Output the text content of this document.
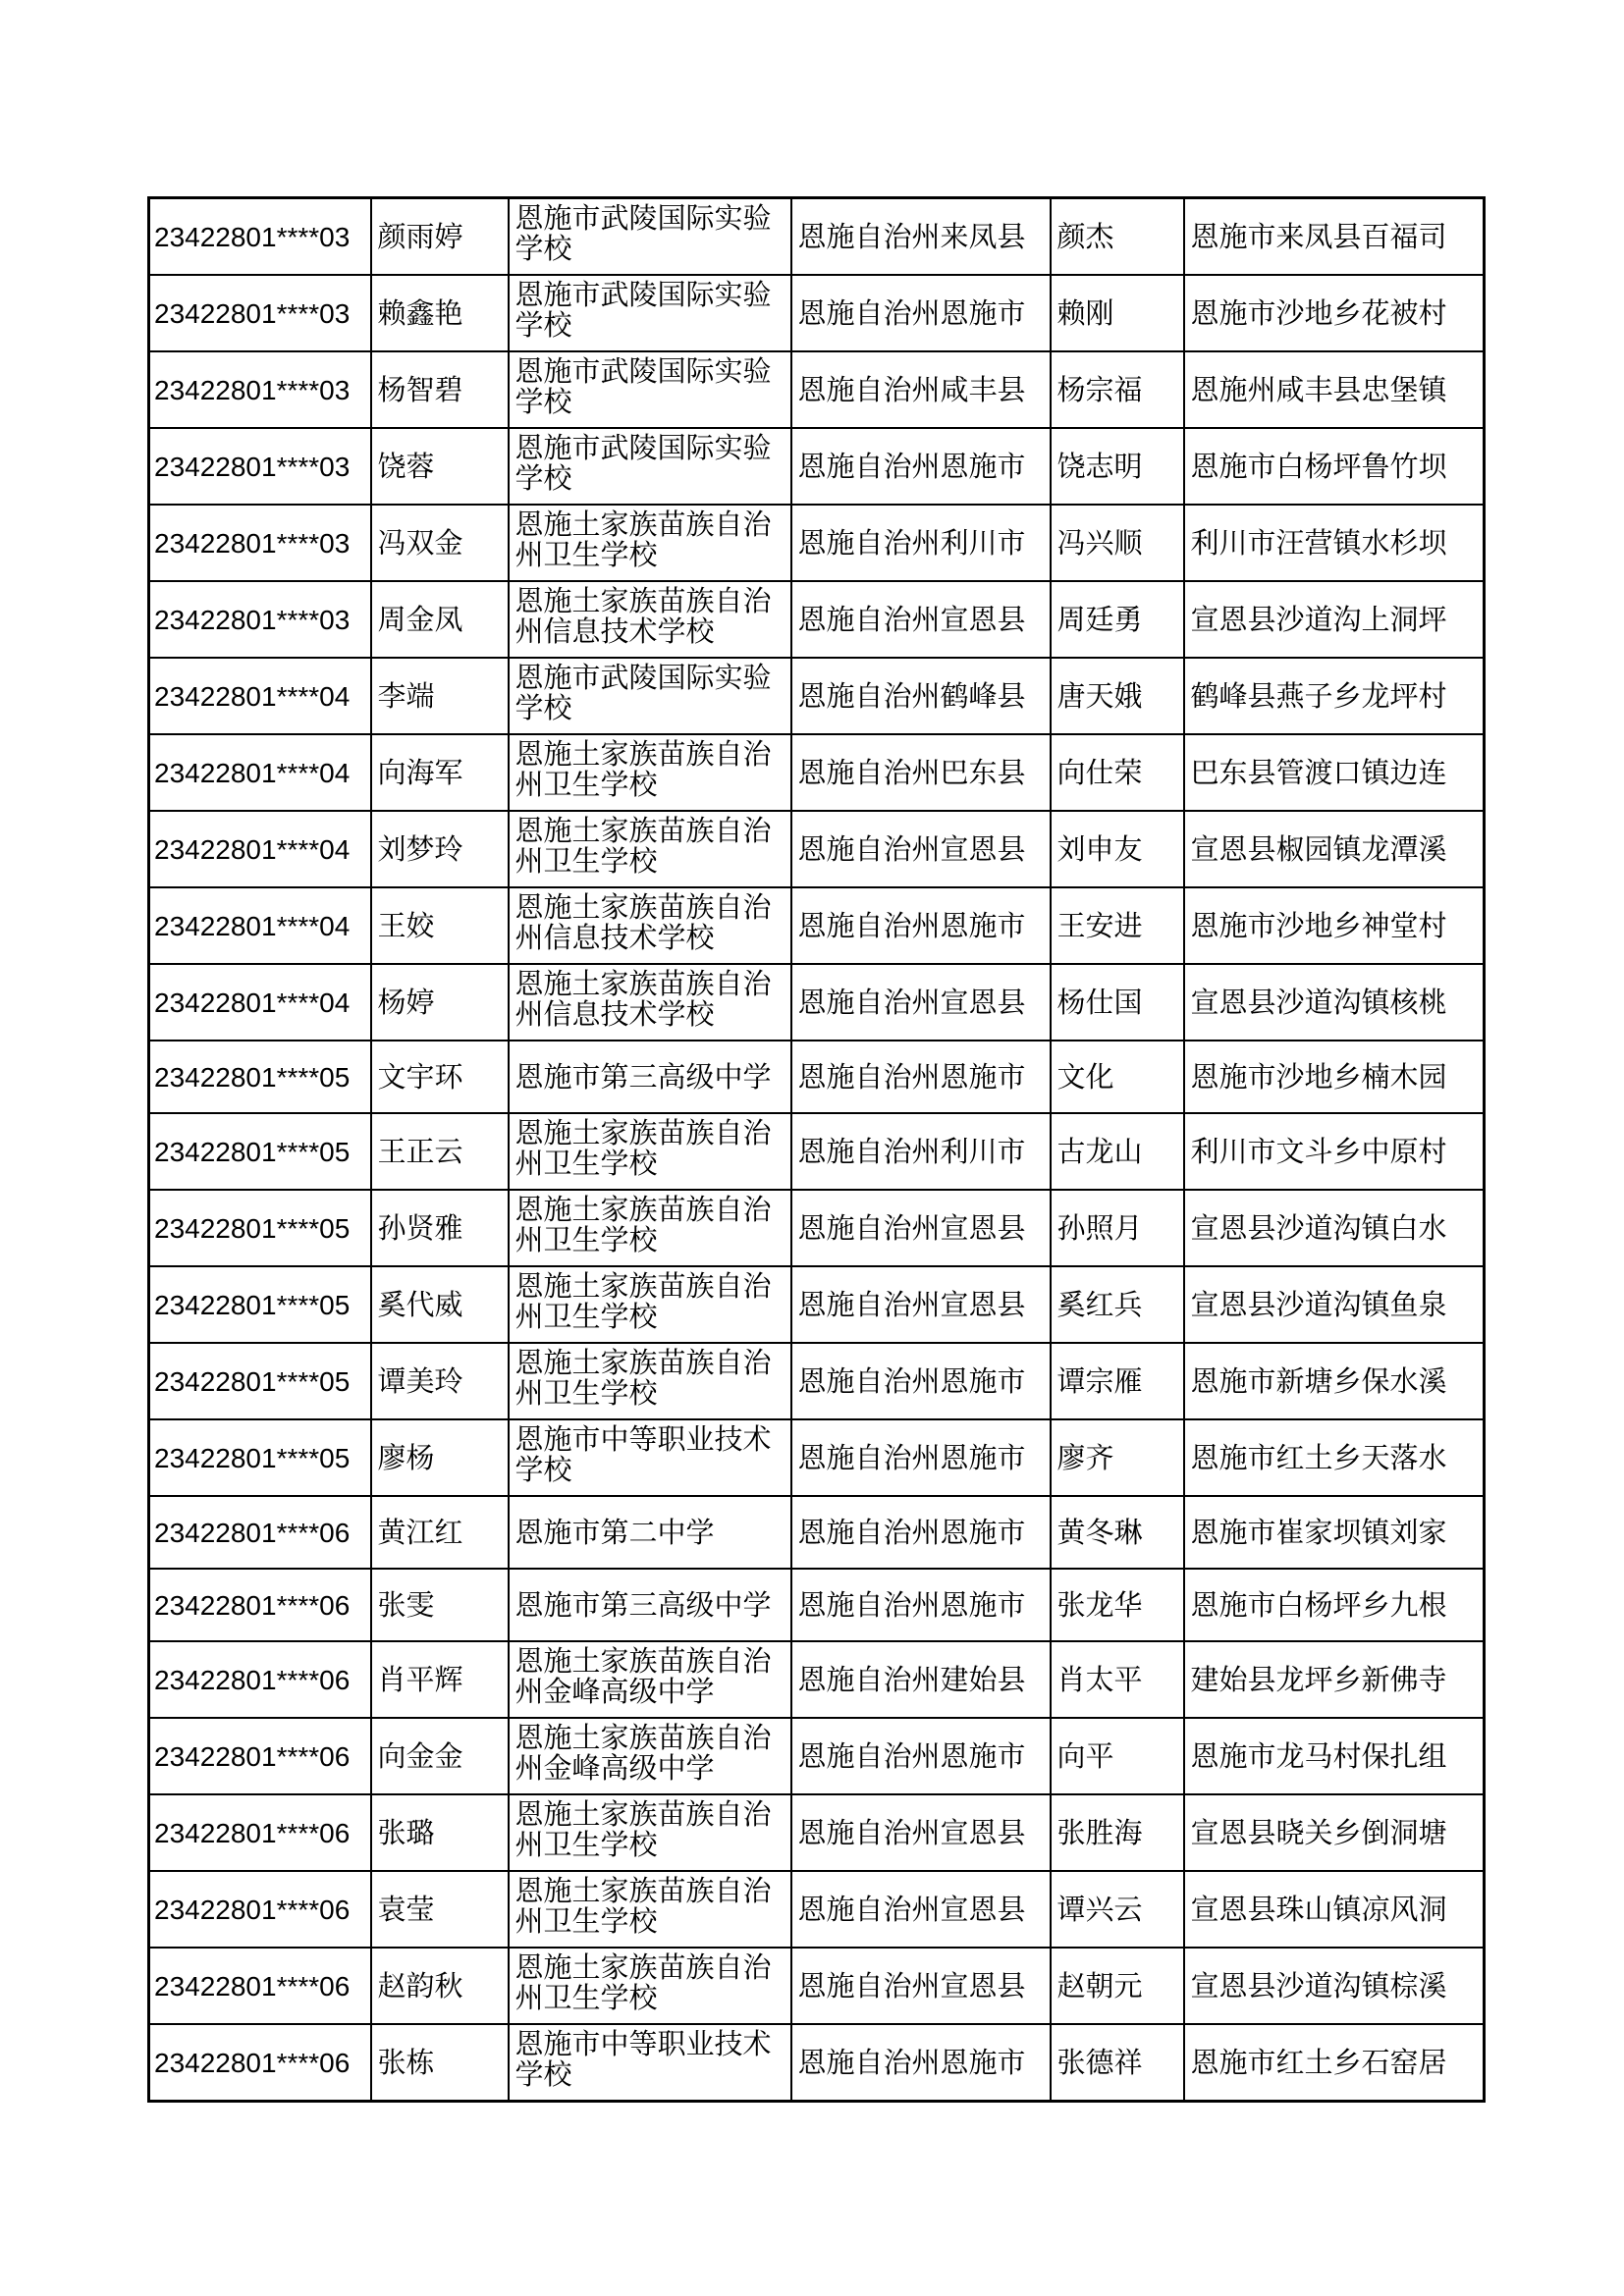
23422801****03	颜雨婷	恩施市武陵国际实验学校	恩施自治州来凤县	颜杰	恩施市来凤县百福司
23422801****03	赖鑫艳	恩施市武陵国际实验学校	恩施自治州恩施市	赖刚	恩施市沙地乡花被村
23422801****03	杨智碧	恩施市武陵国际实验学校	恩施自治州咸丰县	杨宗福	恩施州咸丰县忠堡镇
23422801****03	饶蓉	恩施市武陵国际实验学校	恩施自治州恩施市	饶志明	恩施市白杨坪鲁竹坝
23422801****03	冯双金	恩施土家族苗族自治州卫生学校	恩施自治州利川市	冯兴顺	利川市汪营镇水杉坝
23422801****03	周金凤	恩施土家族苗族自治州信息技术学校	恩施自治州宣恩县	周廷勇	宣恩县沙道沟上洞坪
23422801****04	李端	恩施市武陵国际实验学校	恩施自治州鹤峰县	唐天娥	鹤峰县燕子乡龙坪村
23422801****04	向海军	恩施土家族苗族自治州卫生学校	恩施自治州巴东县	向仕荣	巴东县管渡口镇边连
23422801****04	刘梦玲	恩施土家族苗族自治州卫生学校	恩施自治州宣恩县	刘申友	宣恩县椒园镇龙潭溪
23422801****04	王姣	恩施土家族苗族自治州信息技术学校	恩施自治州恩施市	王安进	恩施市沙地乡神堂村
23422801****04	杨婷	恩施土家族苗族自治州信息技术学校	恩施自治州宣恩县	杨仕国	宣恩县沙道沟镇核桃
23422801****05	文宇环	恩施市第三高级中学	恩施自治州恩施市	文化	恩施市沙地乡楠木园
23422801****05	王正云	恩施土家族苗族自治州卫生学校	恩施自治州利川市	古龙山	利川市文斗乡中原村
23422801****05	孙贤雅	恩施土家族苗族自治州卫生学校	恩施自治州宣恩县	孙照月	宣恩县沙道沟镇白水
23422801****05	奚代威	恩施土家族苗族自治州卫生学校	恩施自治州宣恩县	奚红兵	宣恩县沙道沟镇鱼泉
23422801****05	谭美玲	恩施土家族苗族自治州卫生学校	恩施自治州恩施市	谭宗雁	恩施市新塘乡保水溪
23422801****05	廖杨	恩施市中等职业技术学校	恩施自治州恩施市	廖齐	恩施市红土乡天落水
23422801****06	黄江红	恩施市第二中学	恩施自治州恩施市	黄冬琳	恩施市崔家坝镇刘家
23422801****06	张雯	恩施市第三高级中学	恩施自治州恩施市	张龙华	恩施市白杨坪乡九根
23422801****06	肖平辉	恩施土家族苗族自治州金峰高级中学	恩施自治州建始县	肖太平	建始县龙坪乡新佛寺
23422801****06	向金金	恩施土家族苗族自治州金峰高级中学	恩施自治州恩施市	向平	恩施市龙马村保扎组
23422801****06	张璐	恩施土家族苗族自治州卫生学校	恩施自治州宣恩县	张胜海	宣恩县晓关乡倒洞塘
23422801****06	袁莹	恩施土家族苗族自治州卫生学校	恩施自治州宣恩县	谭兴云	宣恩县珠山镇凉风洞
23422801****06	赵韵秋	恩施土家族苗族自治州卫生学校	恩施自治州宣恩县	赵朝元	宣恩县沙道沟镇棕溪
23422801****06	张栋	恩施市中等职业技术学校	恩施自治州恩施市	张德祥	恩施市红土乡石窑居
